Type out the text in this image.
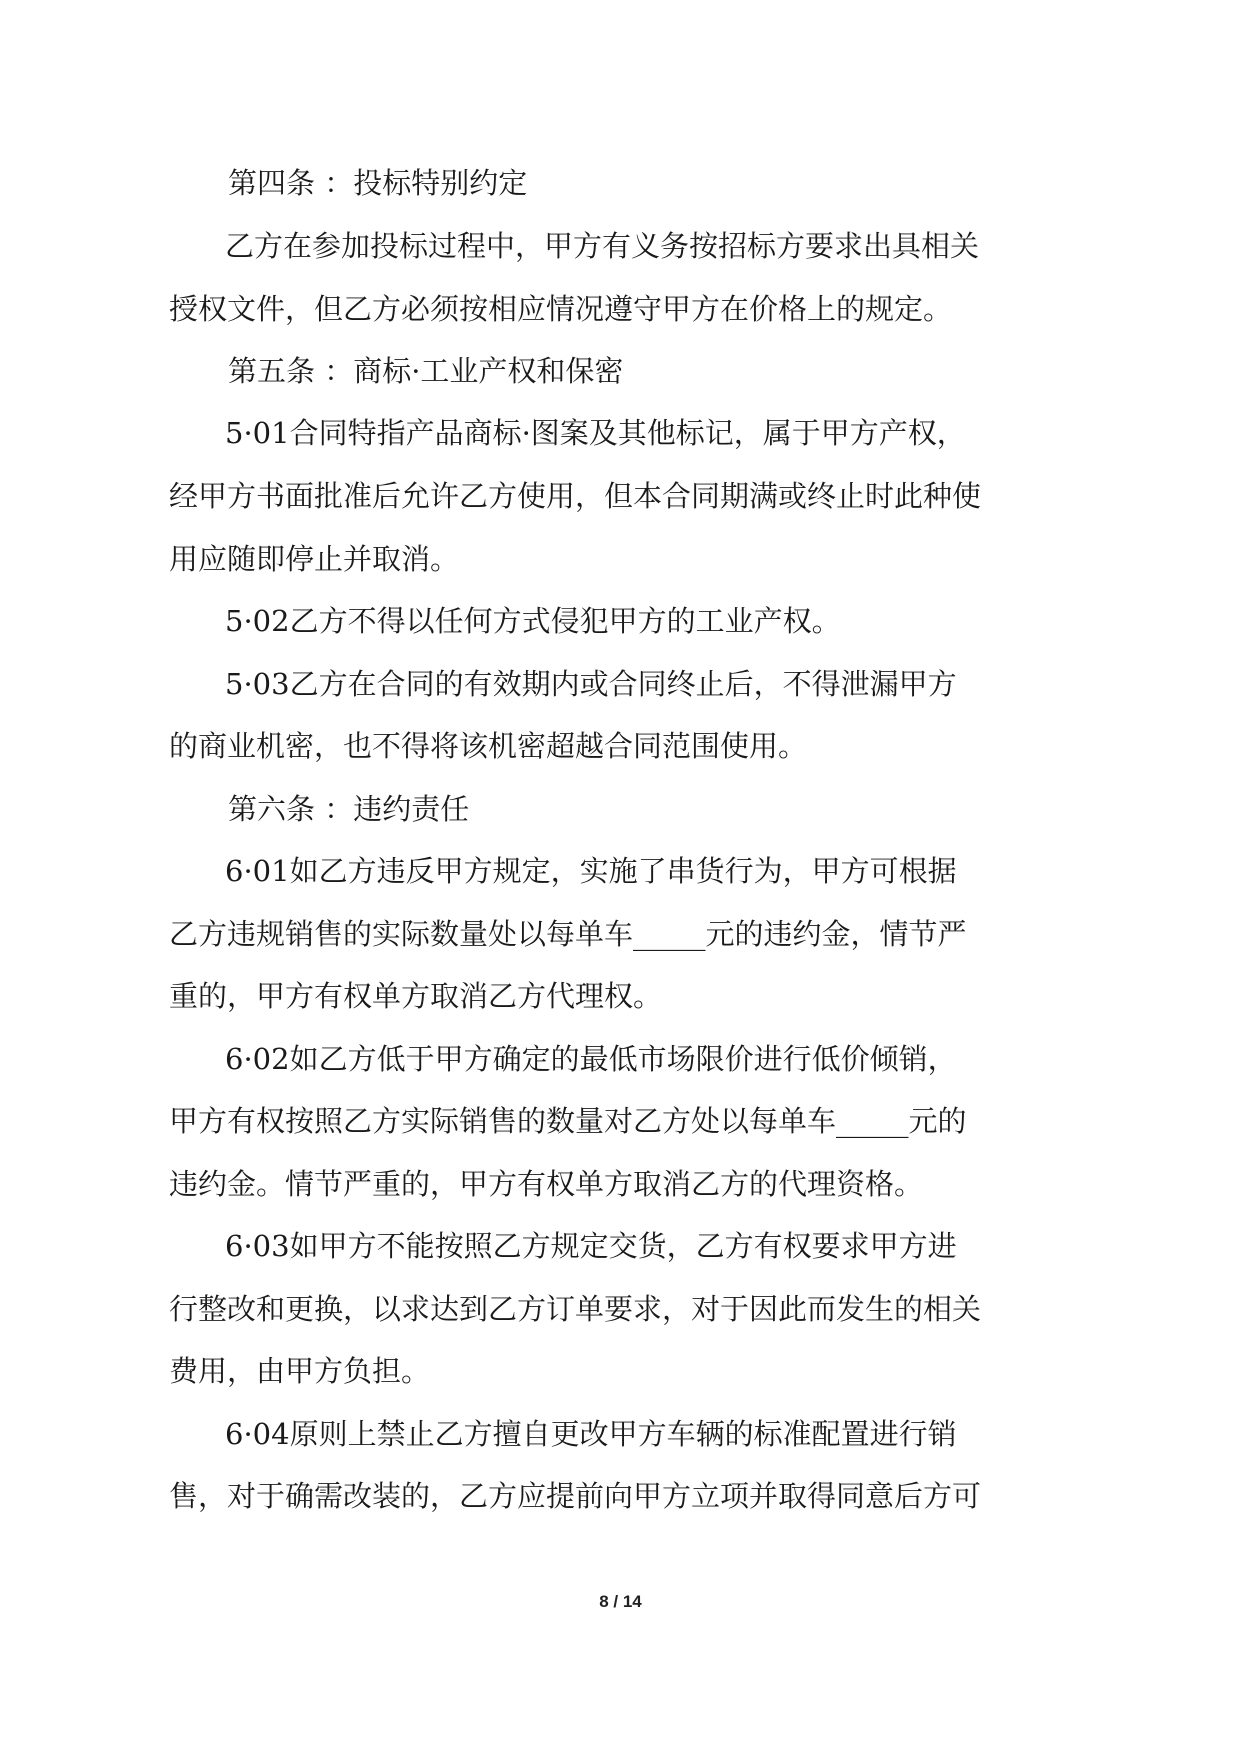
第四条 ：投标特别约定
乙方在参加投标过程中，甲方有义务按招标方要求出具相关
授权文件，但乙方必须按相应情况遵守甲方在价格上的规定。
第五条 ：商标·工业产权和保密
5·01合同特指产品商标·图案及其他标记，属于甲方产权，
经甲方书面批准后允许乙方使用，但本合同期满或终止时此种使
用应随即停止并取消。
5·02乙方不得以任何方式侵犯甲方的工业产权。
5·03乙方在合同的有效期内或合同终止后，不得泄漏甲方
的商业机密，也不得将该机密超越合同范围使用。
第六条 ：违约责任
6·01如乙方违反甲方规定，实施了串货行为，甲方可根据
乙方违规销售的实际数量处以每单车_____元的违约金，情节严
重的，甲方有权单方取消乙方代理权。
6·02如乙方低于甲方确定的最低市场限价进行低价倾销，
甲方有权按照乙方实际销售的数量对乙方处以每单车_____元的
违约金。情节严重的，甲方有权单方取消乙方的代理资格。
6·03如甲方不能按照乙方规定交货，乙方有权要求甲方进
行整改和更换，以求达到乙方订单要求，对于因此而发生的相关
费用，由甲方负担。
6·04原则上禁止乙方擅自更改甲方车辆的标准配置进行销
售，对于确需改装的，乙方应提前向甲方立项并取得同意后方可
8 / 14
